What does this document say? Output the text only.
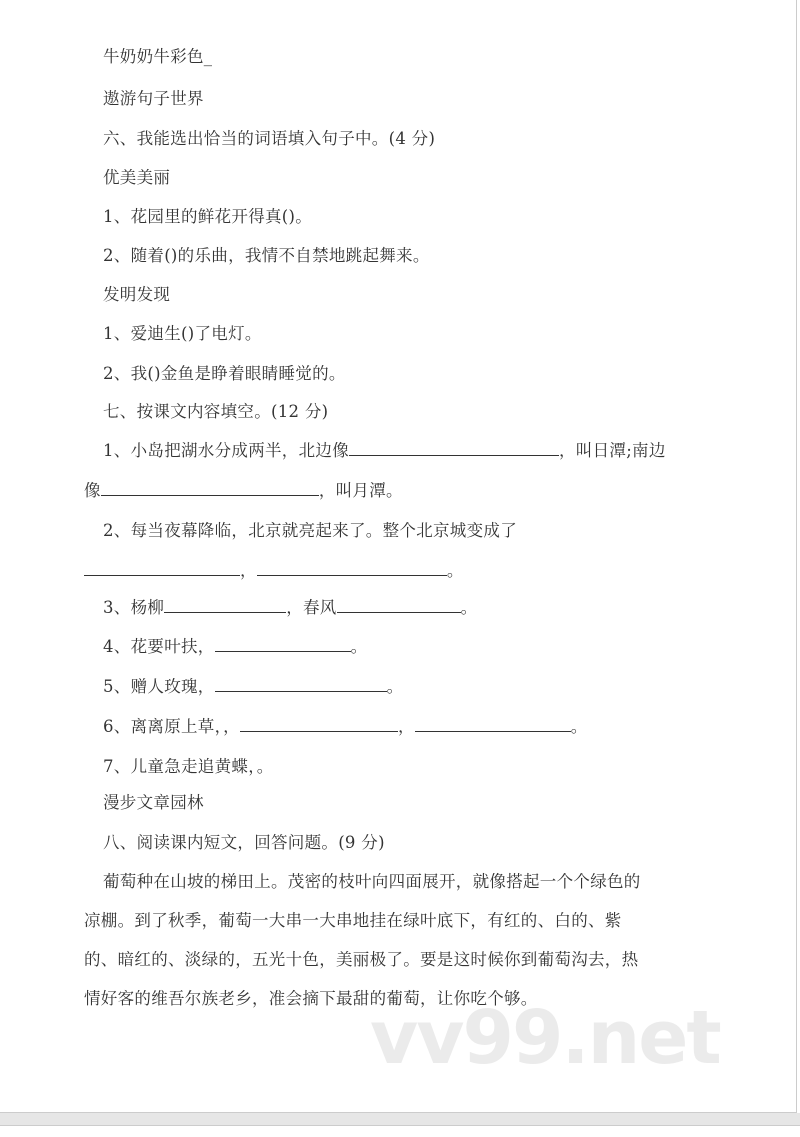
牛奶奶牛彩色_
遨游句子世界
六、我能选出恰当的词语填入句子中。(4 分)
优美美丽
1、花园里的鲜花开得真()。
2、随着()的乐曲，我情不自禁地跳起舞来。
发明发现
1、爱迪生()了电灯。
2、我()金鱼是睁着眼睛睡觉的。
七、按课文内容填空。(12 分)
1、小岛把湖水分成两半，北边像	，叫日潭;南边
像	，叫月潭。
2、每当夜幕降临，北京就亮起来了。整个北京城变成了
，	。
3、杨柳	，春风	。
4、花要叶扶，	。
5、赠人玫瑰，	。
6、离离原上草，，	，	。
7、儿童急走追黄蝶，。
漫步文章园林
八、阅读课内短文，回答问题。(9 分)
葡萄种在山坡的梯田上。茂密的枝叶向四面展开，就像搭起一个个绿色的
凉棚。到了秋季，葡萄一大串一大串地挂在绿叶底下，有红的、白的、紫
的、暗红的、淡绿的，五光十色，美丽极了。要是这时候你到葡萄沟去，热
情好客的维吾尔族老乡，准会摘下最甜的葡萄，让你吃个够。
vv99.net
